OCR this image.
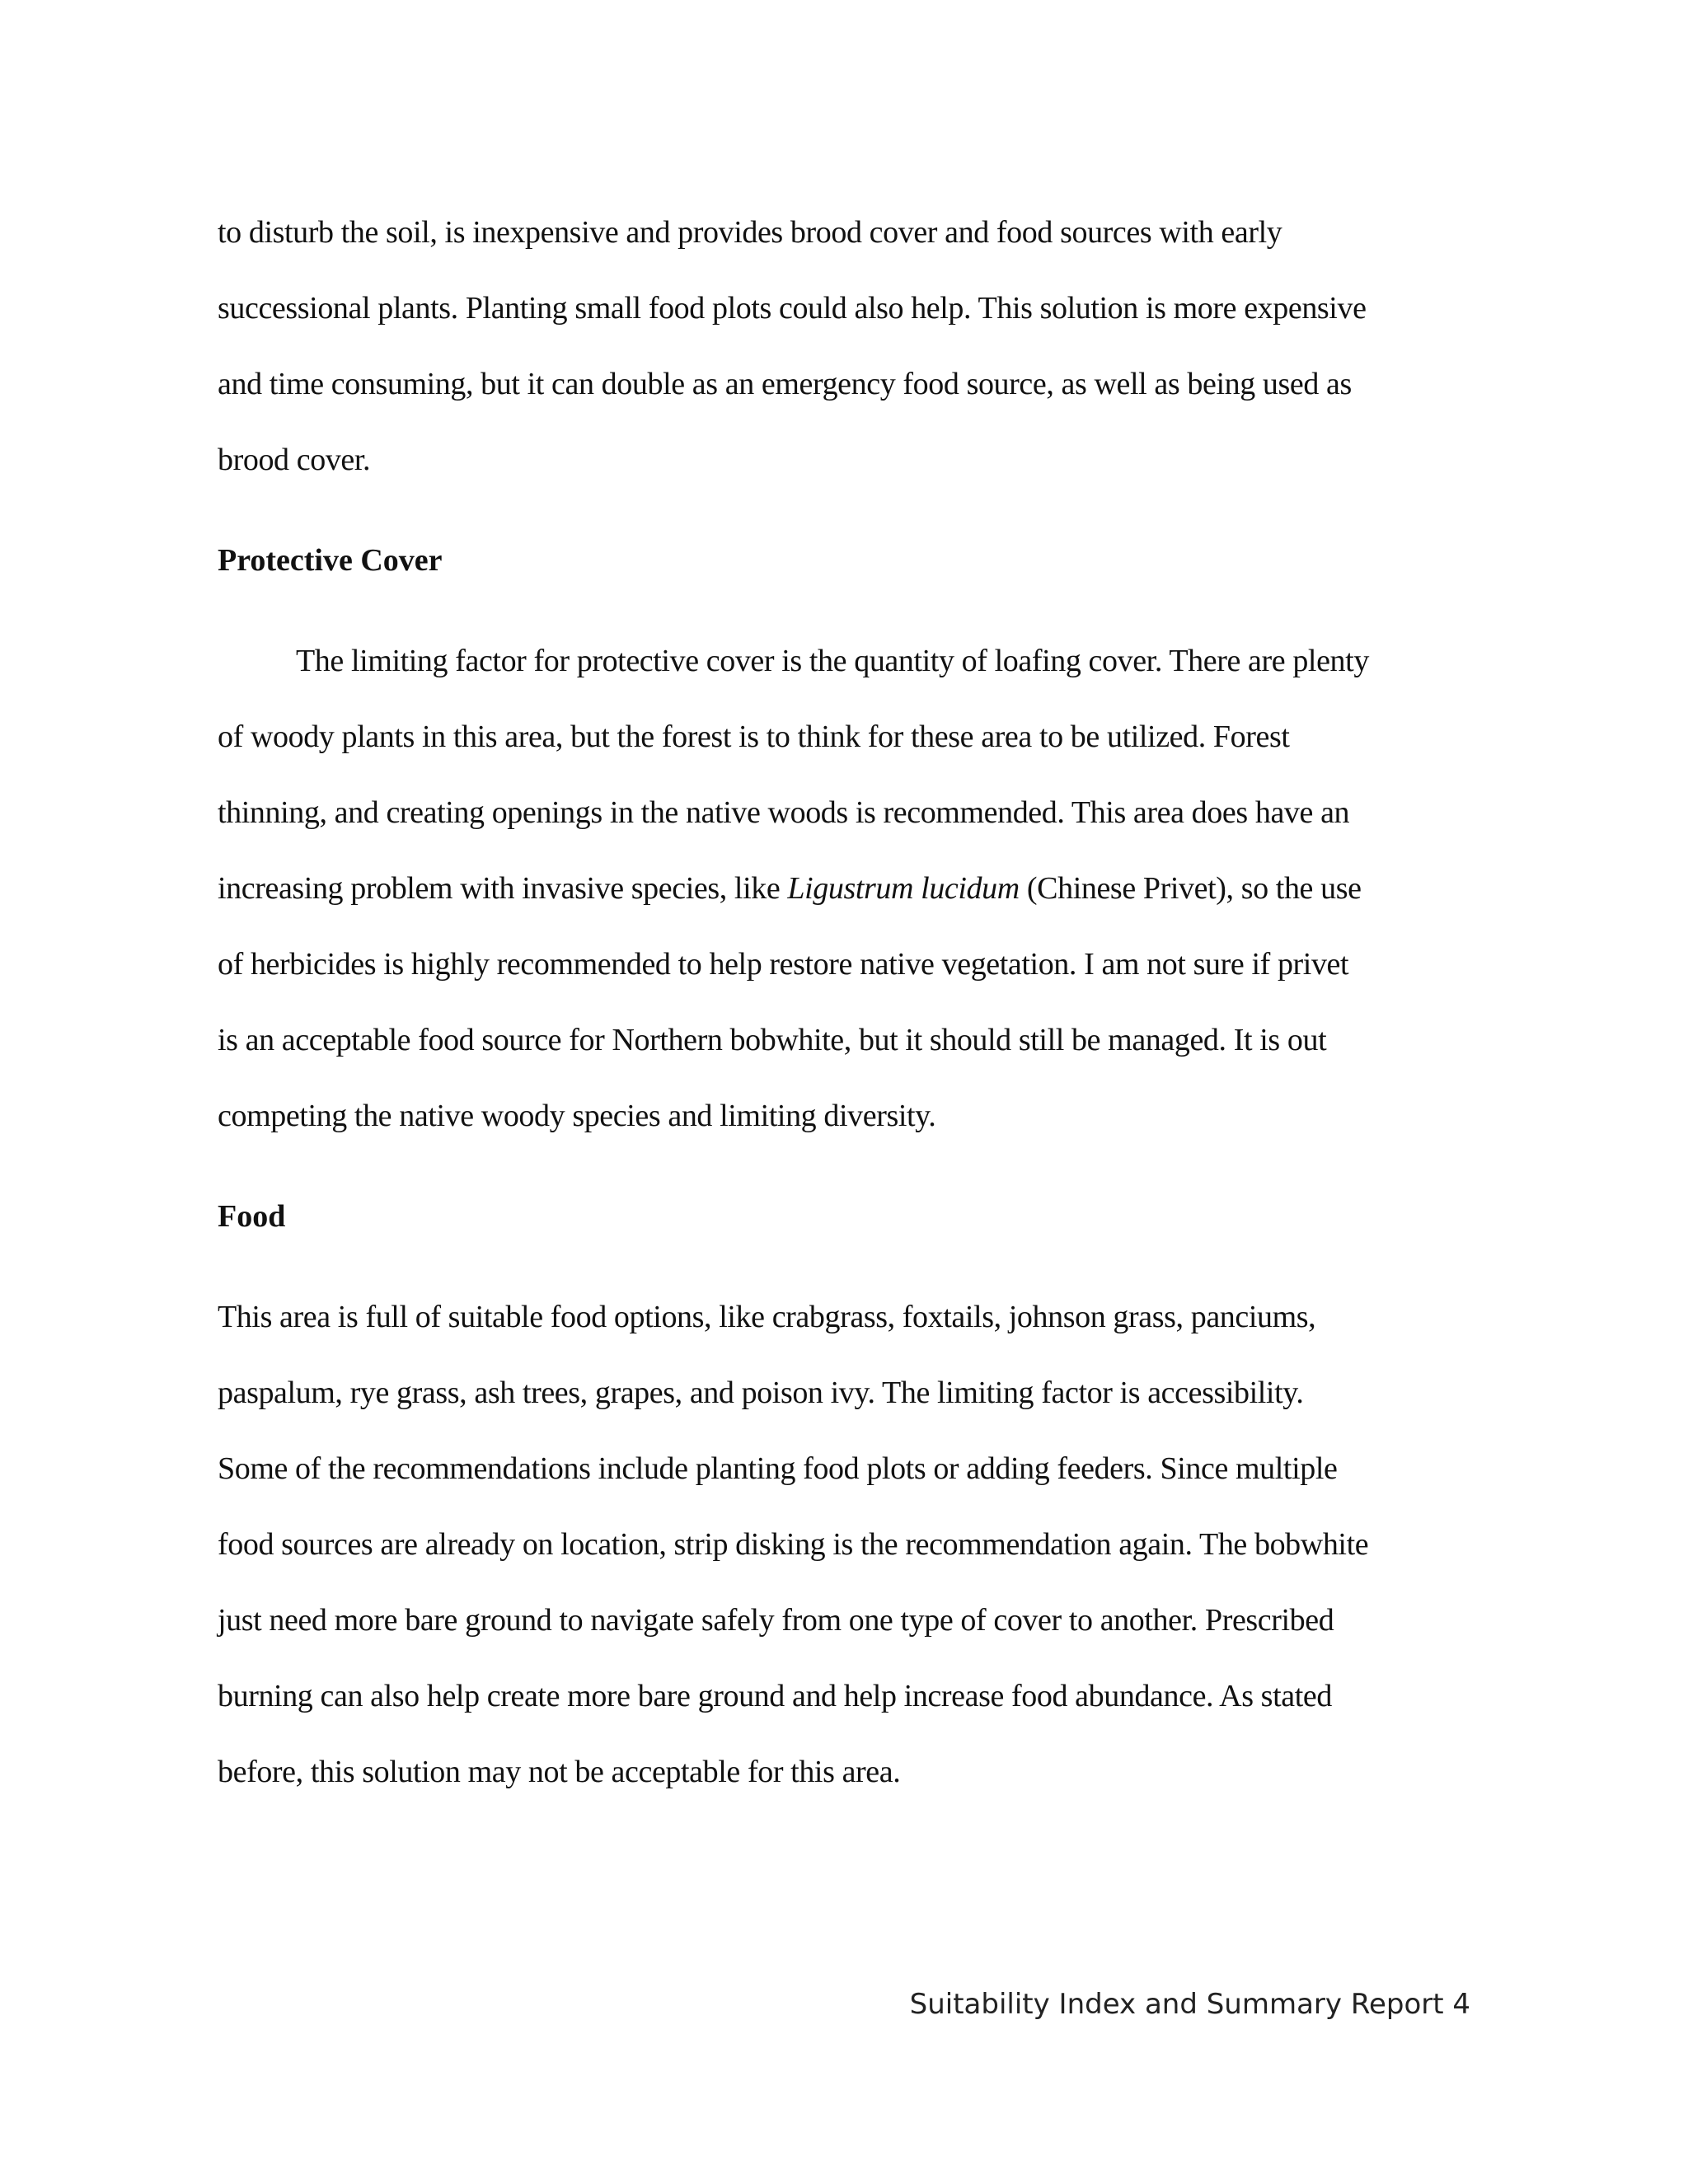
to disturb the soil, is inexpensive and provides brood cover and food sources with early
successional plants. Planting small food plots could also help. This solution is more expensive
and time consuming, but it can double as an emergency food source, as well as being used as
brood cover.
Protective Cover
The limiting factor for protective cover is the quantity of loafing cover. There are plenty
of woody plants in this area, but the forest is to think for these area to be utilized. Forest
thinning, and creating openings in the native woods is recommended. This area does have an
increasing problem with invasive species, like Ligustrum lucidum (Chinese Privet), so the use
of herbicides is highly recommended to help restore native vegetation. I am not sure if privet
is an acceptable food source for Northern bobwhite, but it should still be managed. It is out
competing the native woody species and limiting diversity.
Food
This area is full of suitable food options, like crabgrass, foxtails, johnson grass, panciums,
paspalum, rye grass, ash trees, grapes, and poison ivy. The limiting factor is accessibility.
Some of the recommendations include planting food plots or adding feeders. Since multiple
food sources are already on location, strip disking is the recommendation again. The bobwhite
just need more bare ground to navigate safely from one type of cover to another. Prescribed
burning can also help create more bare ground and help increase food abundance. As stated
before, this solution may not be acceptable for this area.
Suitability Index and Summary Report 4
